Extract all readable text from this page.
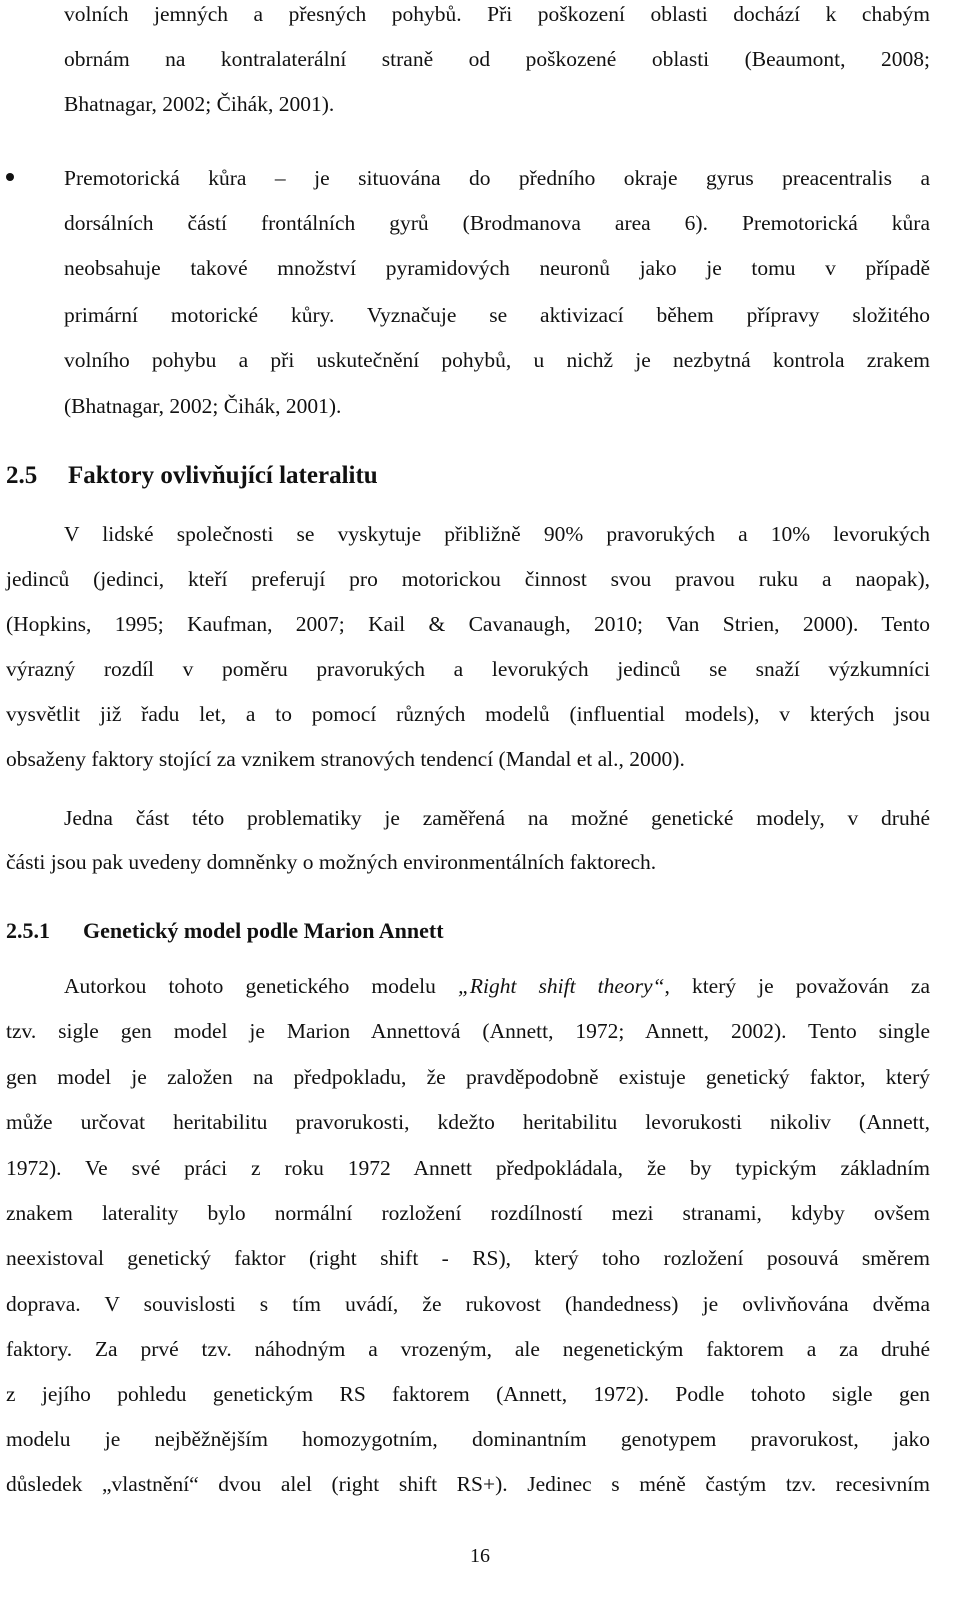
volních jemných a přesných pohybů. Při poškození oblasti dochází k chabým

obrnám na kontralaterální straně od poškozené oblasti (Beaumont, 2008;

Bhatnagar, 2002; Čihák, 2001).

Premotorická kůra – je situována do předního okraje gyrus preacentralis a

dorsálních částí frontálních gyrů (Brodmanova area 6). Premotorická kůra

neobsahuje takové množství pyramidových neuronů jako je tomu v případě

primární motorické kůry. Vyznačuje se aktivizací během přípravy složitého

volního pohybu a při uskutečnění pohybů, u nichž je nezbytná kontrola zrakem

(Bhatnagar, 2002; Čihák, 2001).

2.5 Faktory ovlivňující lateralitu

V lidské společnosti se vyskytuje přibližně 90% pravorukých a 10% levorukých

jedinců (jedinci, kteří preferují pro motorickou činnost svou pravou ruku a naopak),

(Hopkins, 1995; Kaufman, 2007; Kail & Cavanaugh, 2010; Van Strien, 2000). Tento

výrazný rozdíl v poměru pravorukých a levorukých jedinců se snaží výzkumníci

vysvětlit již řadu let, a to pomocí různých modelů (influential models), v kterých jsou

obsaženy faktory stojící za vznikem stranových tendencí (Mandal et al., 2000).

Jedna část této problematiky je zaměřená na možné genetické modely, v druhé

části jsou pak uvedeny domněnky o možných environmentálních faktorech.

2.5.1 Genetický model podle Marion Annett

Autorkou tohoto genetického modelu „Right shift theory“, který je považován za

tzv. sigle gen model je Marion Annettová (Annett, 1972; Annett, 2002). Tento single

gen model je založen na předpokladu, že pravděpodobně existuje genetický faktor, který

může určovat heritabilitu pravorukosti, kdežto heritabilitu levorukosti nikoliv (Annett,

1972). Ve své práci z roku 1972 Annett předpokládala, že by typickým základním

znakem laterality bylo normální rozložení rozdílností mezi stranami, kdyby ovšem

neexistoval genetický faktor (right shift - RS), který toho rozložení posouvá směrem

doprava. V souvislosti s tím uvádí, že rukovost (handedness) je ovlivňována dvěma

faktory. Za prvé tzv. náhodným a vrozeným, ale negenetickým faktorem a za druhé

z jejího pohledu genetickým RS faktorem (Annett, 1972). Podle tohoto sigle gen

modelu je nejběžnějším homozygotním, dominantním genotypem pravorukost, jako

důsledek „vlastnění“ dvou alel (right shift RS+). Jedinec s méně častým tzv. recesivním

16
